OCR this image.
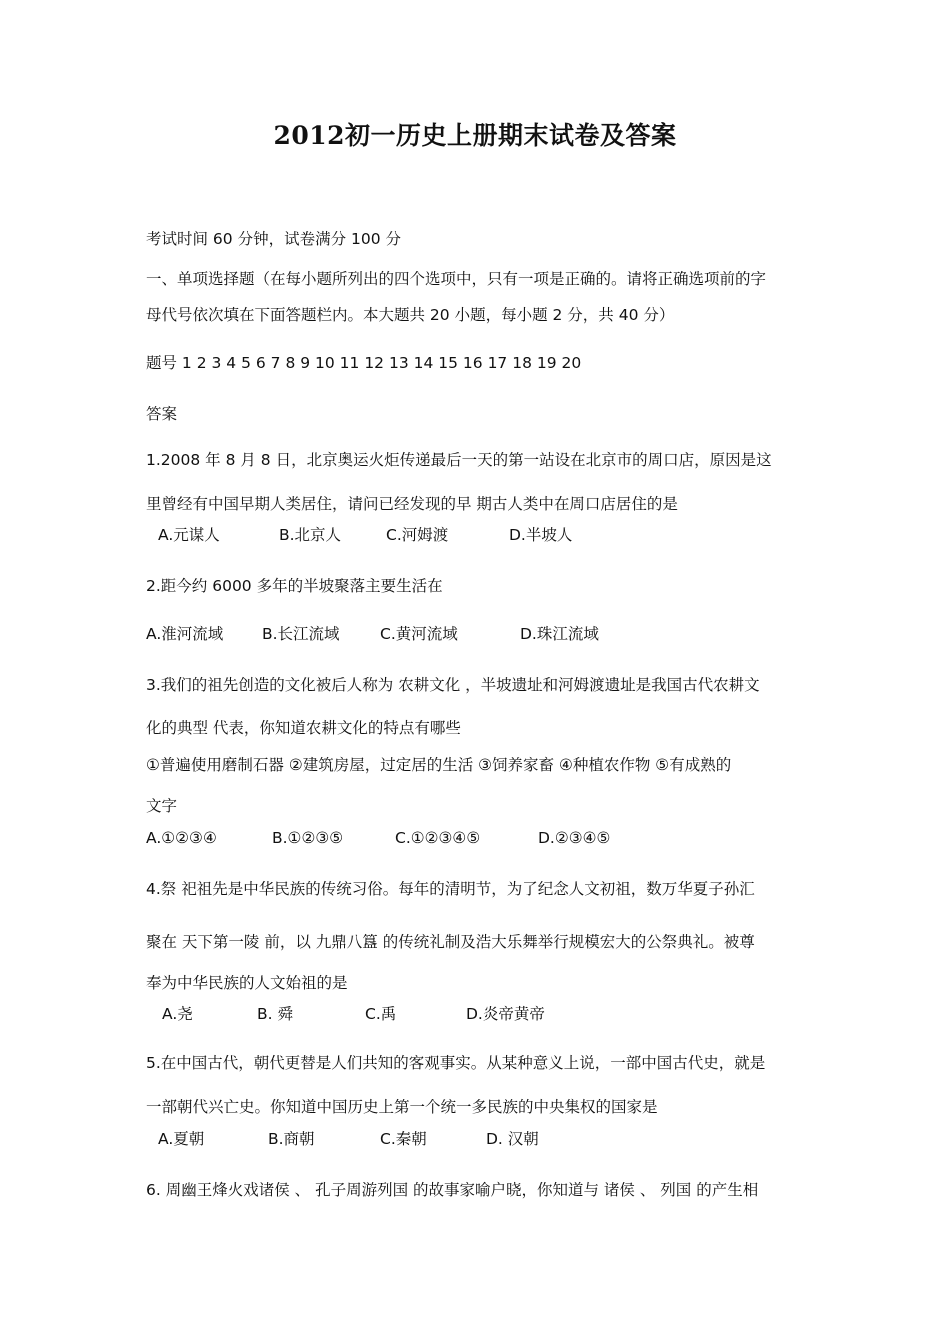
2012初一历史上册期末试卷及答案
考试时间 60 分钟，试卷满分 100 分
一、单项选择题（在每小题所列出的四个选项中，只有一项是正确的。请将正确选项前的字
母代号依次填在下面答题栏内。本大题共 20 小题，每小题 2 分，共 40 分）
题号 1 2 3 4 5 6 7 8 9 10 11 12 13 14 15 16 17 18 19 20
答案
1.2008 年 8 月 8 日，北京奥运火炬传递最后一天的第一站设在北京市的周口店，原因是这
里曾经有中国早期人类居住，请问已经发现的早 期古人类中在周口店居住的是
A.元谋人	B.北京人	C.河姆渡	D.半坡人
2.距今约 6000 多年的半坡聚落主要生活在
A.淮河流域 B.长江流域	C.黄河流域	D.珠江流域
3.我们的祖先创造的文化被后人称为 农耕文化 ，半坡遗址和河姆渡遗址是我国古代农耕文
化的典型 代表，你知道农耕文化的特点有哪些
①普遍使用磨制石器 ②建筑房屋，过定居的生活 ③饲养家畜 ④种植农作物 ⑤有成熟的
文字
A.①②③④	B.①②③⑤	C.①②③④⑤	D.②③④⑤
4.祭 祀祖先是中华民族的传统习俗。每年的清明节，为了纪念人文初祖，数万华夏子孙汇
聚在 天下第一陵 前，以 九鼎八簋 的传统礼制及浩大乐舞举行规模宏大的公祭典礼。被尊
奉为中华民族的人文始祖的是
A.尧	B. 舜	C.禹	D.炎帝黄帝
5.在中国古代，朝代更替是人们共知的客观事实。从某种意义上说，一部中国古代史，就是
一部朝代兴亡史。你知道中国历史上第一个统一多民族的中央集权的国家是
A.夏朝	B.商朝	C.秦朝	D. 汉朝
6. 周幽王烽火戏诸侯 、 孔子周游列国 的故事家喻户晓，你知道与 诸侯 、 列国 的产生相
